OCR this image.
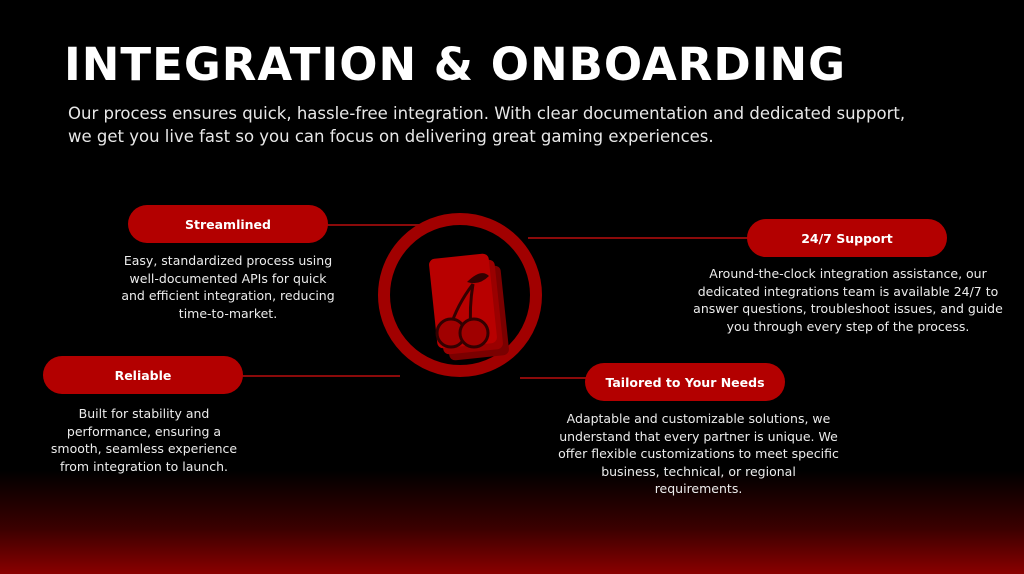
INTEGRATION & ONBOARDING

Our process ensures quick, hassle-free integration. With clear documentation and dedicated support, we get you live fast so you can focus on delivering great gaming experiences.

Streamlined

Easy, standardized process using well-documented APIs for quick and efficient integration, reducing time-to-market.

24/7 Support

Around-the-clock integration assistance, our dedicated integrations team is available 24/7 to answer questions, troubleshoot issues, and guide you through every step of the process.

Reliable

Built for stability and performance, ensuring a smooth, seamless experience from integration to launch.

Tailored to Your Needs

Adaptable and customizable solutions, we understand that every partner is unique. We offer flexible customizations to meet specific business, technical, or regional requirements.
